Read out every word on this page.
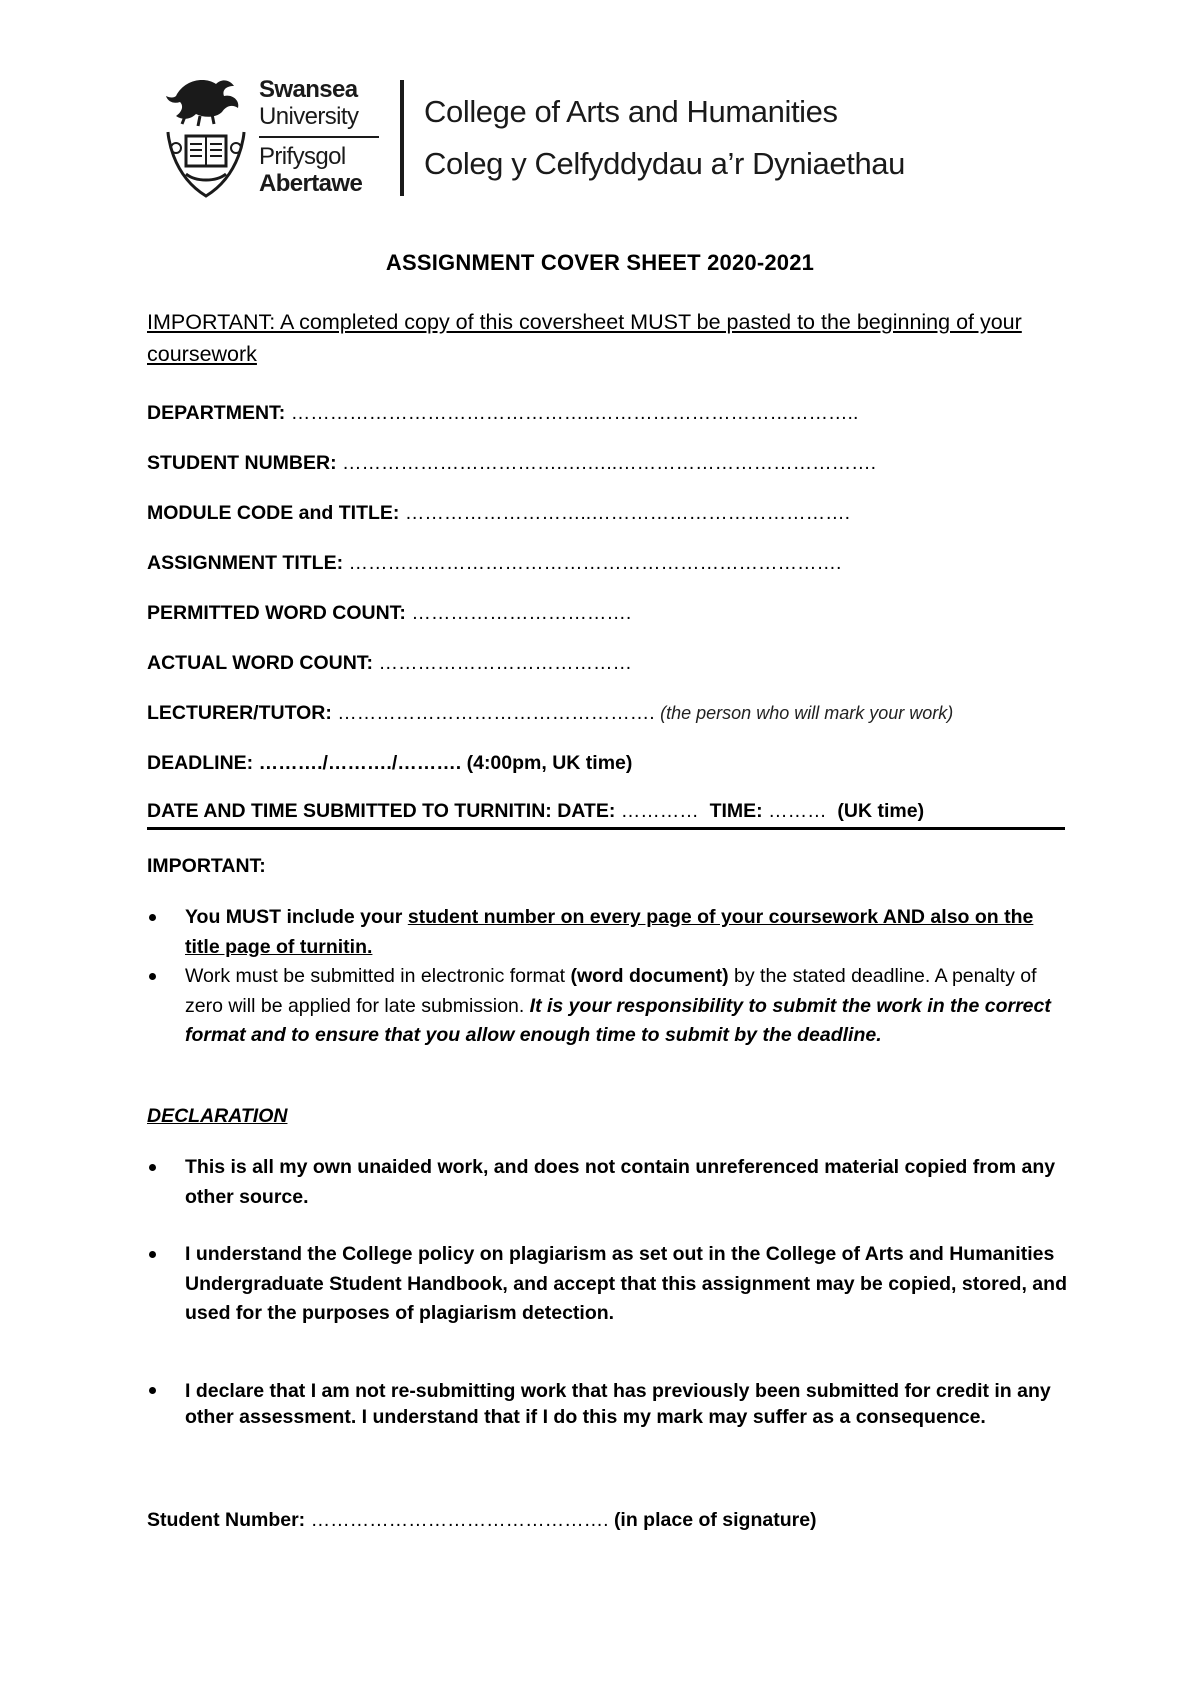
Swansea
University
Prifysgol
Abertawe
College of Arts and Humanities
Coleg y Celfyddydau a’r Dyniaethau
ASSIGNMENT COVER SHEET 2020-2021
IMPORTANT: A completed copy of this coversheet MUST be pasted to the beginning of your coursework
DEPARTMENT: ………………………………………..…………………………………..
STUDENT NUMBER: …………………………….….…..………………………………….
MODULE CODE and TITLE: ………………………..………………………………….
ASSIGNMENT TITLE: ………………………………………………………………….
PERMITTED WORD COUNT: …………………………….
ACTUAL WORD COUNT: …………………………………
LECTURER/TUTOR: …………………………………………. (the person who will mark your work)
DEADLINE: ………./………./………. (4:00pm, UK time)
DATE AND TIME SUBMITTED TO TURNITIN: DATE: …………  TIME: ………  (UK time)
IMPORTANT:
You MUST include your student number on every page of your coursework AND also on the title page of turnitin.
Work must be submitted in electronic format (word document) by the stated deadline. A penalty of zero will be applied for late submission. It is your responsibility to submit the work in the correct format and to ensure that you allow enough time to submit by the deadline.
DECLARATION
This is all my own unaided work, and does not contain unreferenced material copied from any other source.
I understand the College policy on plagiarism as set out in the College of Arts and Humanities Undergraduate Student Handbook, and accept that this assignment may be copied, stored, and used for the purposes of plagiarism detection.
I declare that I am not re-submitting work that has previously been submitted for credit in any other assessment. I understand that if I do this my mark may suffer as a consequence.
Student Number: ………………………………………. (in place of signature)
